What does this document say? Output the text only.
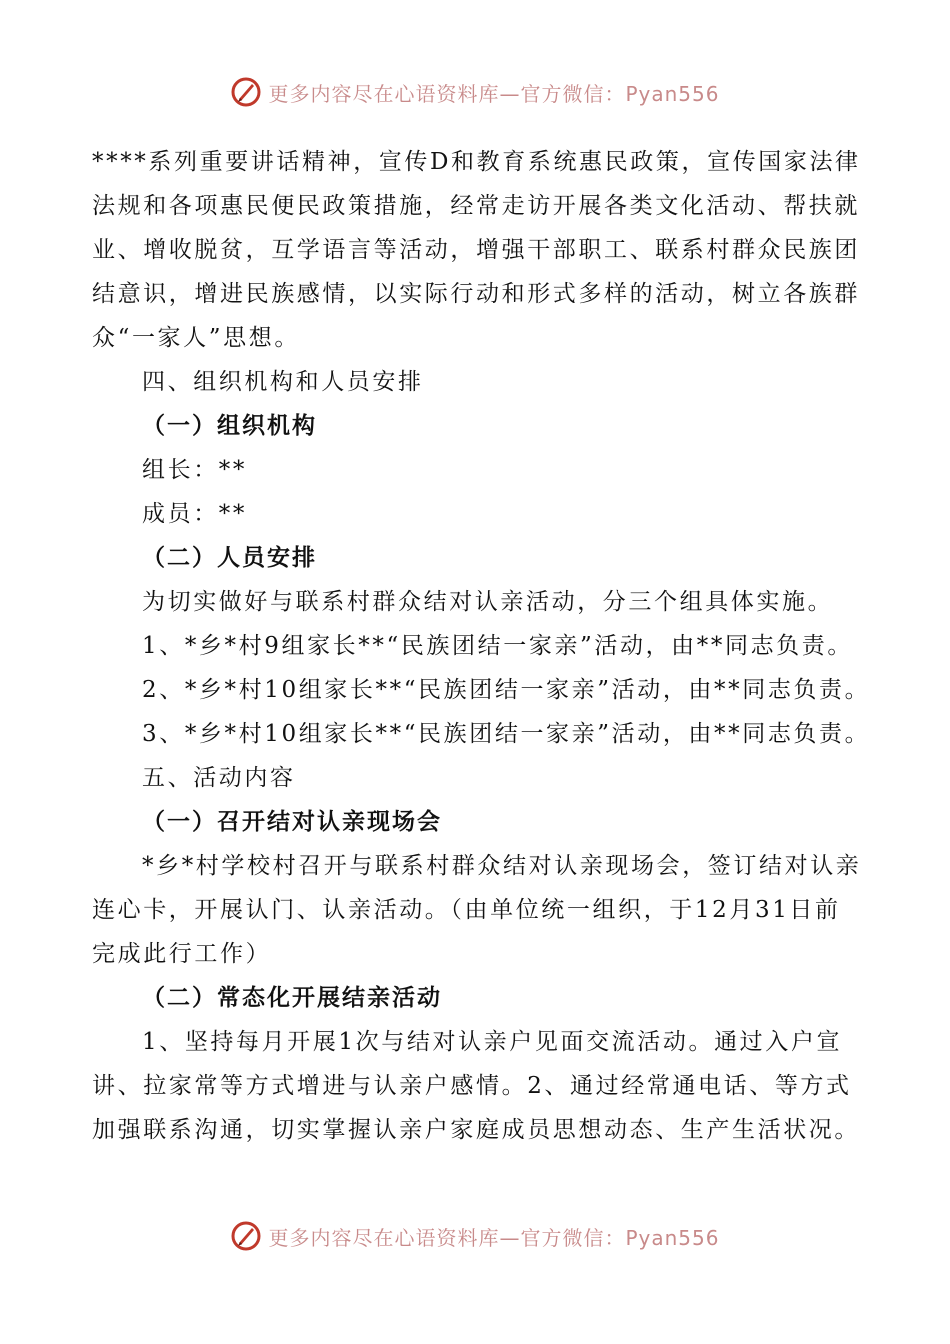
更多内容尽在心语资料库—官方微信：Pyan556
****系列重要讲话精神，宣传D和教育系统惠民政策，宣传国家法律
法规和各项惠民便民政策措施，经常走访开展各类文化活动、帮扶就
业、增收脱贫，互学语言等活动，增强干部职工、联系村群众民族团
结意识，增进民族感情，以实际行动和形式多样的活动，树立各族群
众“一家人”思想。
四、组织机构和人员安排
（一）组织机构
组长：**
成员：**
（二）人员安排
为切实做好与联系村群众结对认亲活动，分三个组具体实施。
1、*乡*村9组家长**“民族团结一家亲”活动，由**同志负责。
2、*乡*村10组家长**“民族团结一家亲”活动，由**同志负责。
3、*乡*村10组家长**“民族团结一家亲”活动，由**同志负责。
五、活动内容
（一）召开结对认亲现场会
*乡*村学校村召开与联系村群众结对认亲现场会，签订结对认亲
连心卡，开展认门、认亲活动。（由单位统一组织，于12月31日前
完成此行工作）
（二）常态化开展结亲活动
1、坚持每月开展1次与结对认亲户见面交流活动。通过入户宣
讲、拉家常等方式增进与认亲户感情。2、通过经常通电话、等方式
加强联系沟通，切实掌握认亲户家庭成员思想动态、生产生活状况。
更多内容尽在心语资料库—官方微信：Pyan556
